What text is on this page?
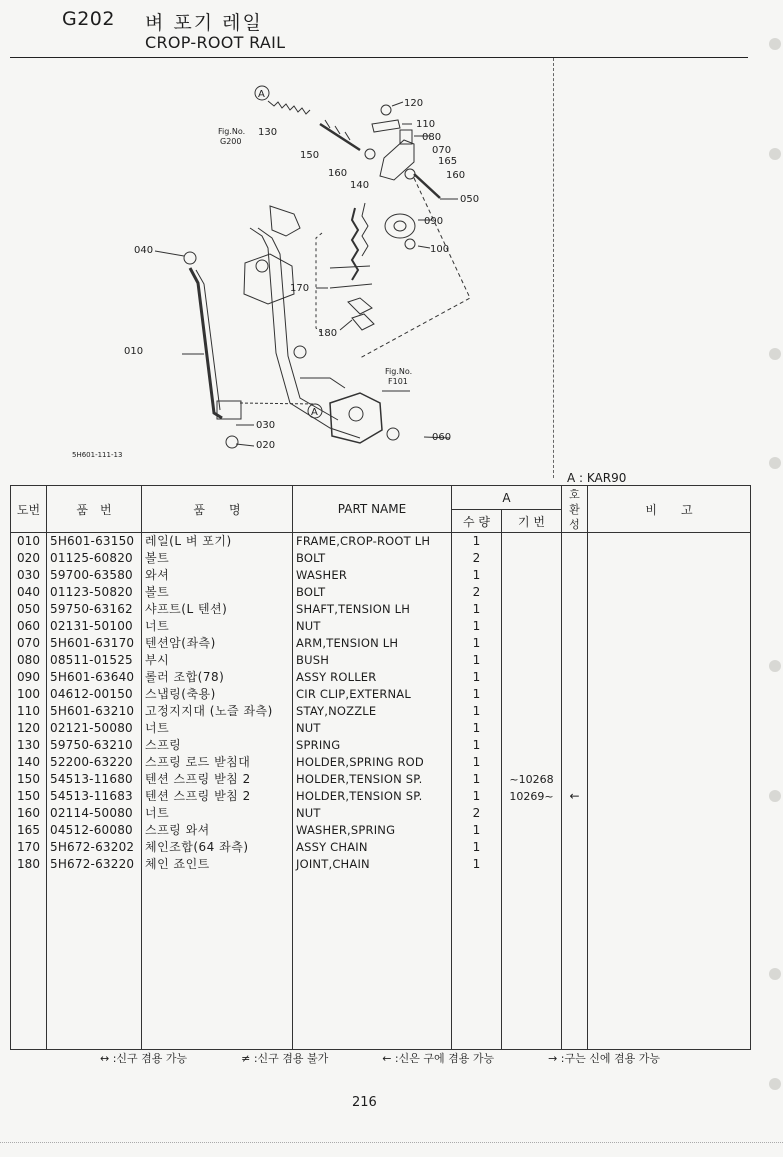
G202 벼 포기 레일
CROP-ROOT RAIL
A
A
Fig.No.
G200
Fig.No.
F101
010
020
030
040
050
060
070
080
090
100
110
120
130
140
150
160	160
165
170
180
5H601-111-13
A : KAR90
도번	품　번	품　　명	PART NAME	A		호환성	비　　고
				수 량	기 번		
010	5H601-63150	레일(L 벼 포기)	FRAME,CROP-ROOT LH	1			
020	01125-60820	볼트	BOLT	2			
030	59700-63580	와셔	WASHER	1			
040	01123-50820	볼트	BOLT	2			
050	59750-63162	샤프트(L 텐션)	SHAFT,TENSION LH	1			
060	02131-50100	너트	NUT	1			
070	5H601-63170	텐션암(좌측)	ARM,TENSION LH	1			
080	08511-01525	부시	BUSH	1			
090	5H601-63640	롤러 조합(78)	ASSY ROLLER	1			
100	04612-00150	스냅링(축용)	CIR CLIP,EXTERNAL	1			
110	5H601-63210	고정지지대 (노즐 좌측)	STAY,NOZZLE	1			
120	02121-50080	너트	NUT	1			
130	59750-63210	스프링	SPRING	1			
140	52200-63220	스프링 로드 받침대	HOLDER,SPRING ROD	1			
150	54513-11680	텐션 스프링 받침 2	HOLDER,TENSION SP.	1	~10268		
150	54513-11683	텐션 스프링 받침 2	HOLDER,TENSION SP.	1	10269~	←	
160	02114-50080	너트	NUT	2			
165	04512-60080	스프링 와셔	WASHER,SPRING	1			
170	5H672-63202	체인조합(64 좌측)	ASSY CHAIN	1			
180	5H672-63220	체인 죠인트	JOINT,CHAIN	1			

↔ :신구 겸용 가능	≠ :신구 겸용 불가	← :신은 구에 겸용 가능	→ :구는 신에 겸용 가능
216
